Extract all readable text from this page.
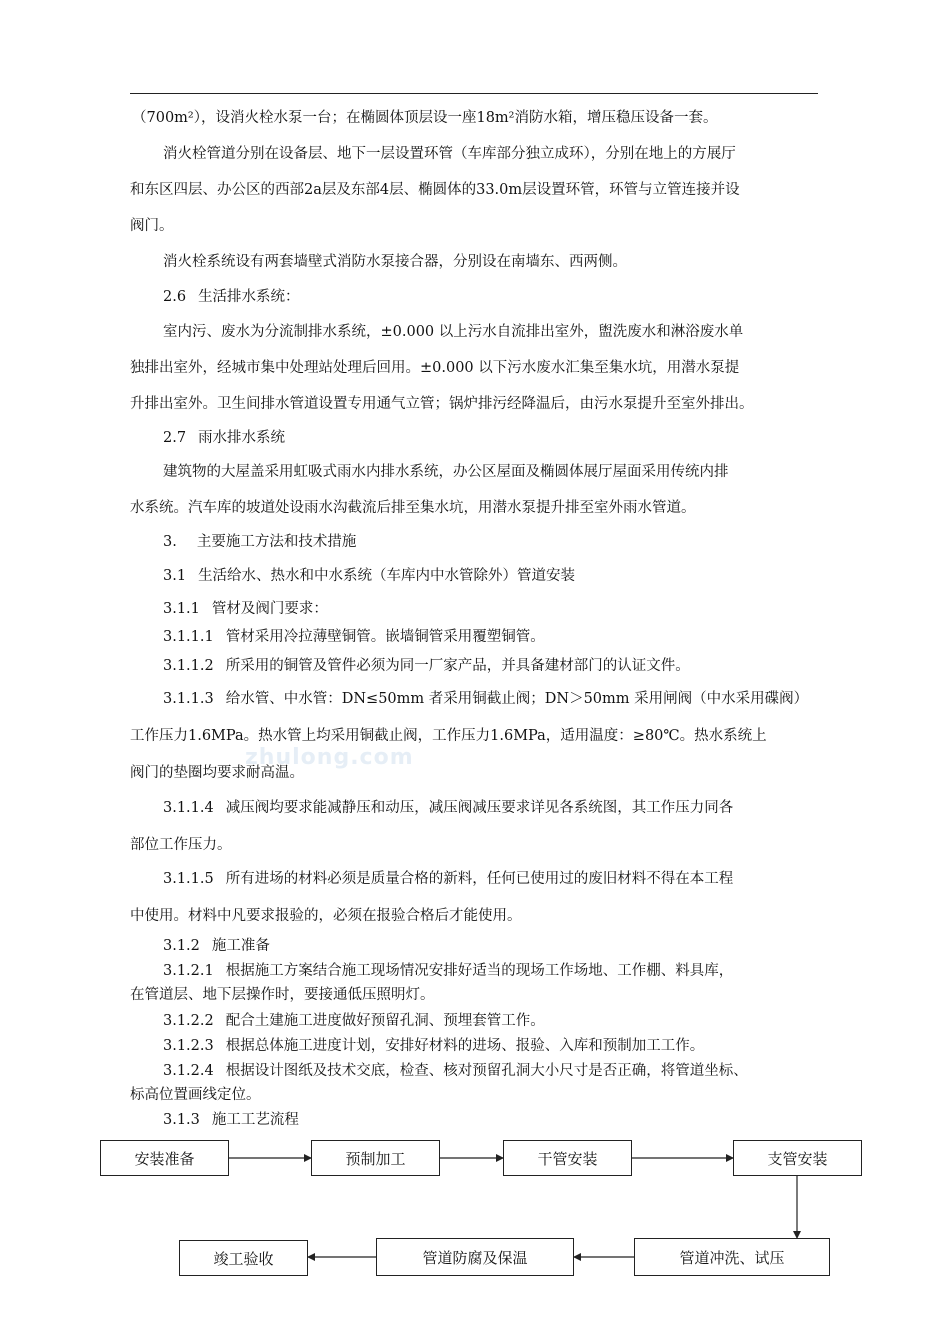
zhulong.com
（700m²），设消火栓水泵一台；在椭圆体顶层设一座18m²消防水箱，增压稳压设备一套。
消火栓管道分别在设备层、地下一层设置环管（车库部分独立成环），分别在地上的方展厅
和东区四层、办公区的西部2a层及东部4层、椭圆体的33.0m层设置环管，环管与立管连接并设
阀门。
消火栓系统设有两套墙壁式消防水泵接合器，分别设在南墙东、西两侧。
2.6 生活排水系统：
室内污、废水为分流制排水系统，±0.000 以上污水自流排出室外，盥洗废水和淋浴废水单
独排出室外，经城市集中处理站处理后回用。±0.000 以下污水废水汇集至集水坑，用潜水泵提
升排出室外。卫生间排水管道设置专用通气立管；锅炉排污经降温后，由污水泵提升至室外排出。
2.7 雨水排水系统
建筑物的大屋盖采用虹吸式雨水内排水系统，办公区屋面及椭圆体展厅屋面采用传统内排
水系统。汽车库的坡道处设雨水沟截流后排至集水坑，用潜水泵提升排至室外雨水管道。
3. 主要施工方法和技术措施
3.1 生活给水、热水和中水系统（车库内中水管除外）管道安装
3.1.1 管材及阀门要求：
3.1.1.1 管材采用冷拉薄壁铜管。嵌墙铜管采用覆塑铜管。
3.1.1.2 所采用的铜管及管件必须为同一厂家产品，并具备建材部门的认证文件。
3.1.1.3 给水管、中水管：DN≤50mm 者采用铜截止阀；DN＞50mm 采用闸阀（中水采用碟阀）
工作压力1.6MPa。热水管上均采用铜截止阀，工作压力1.6MPa，适用温度：≥80℃。热水系统上
阀门的垫圈均要求耐高温。
3.1.1.4 减压阀均要求能减静压和动压，减压阀减压要求详见各系统图，其工作压力同各
部位工作压力。
3.1.1.5 所有进场的材料必须是质量合格的新料，任何已使用过的废旧材料不得在本工程
中使用。材料中凡要求报验的，必须在报验合格后才能使用。
3.1.2 施工准备
3.1.2.1 根据施工方案结合施工现场情况安排好适当的现场工作场地、工作棚、料具库，
在管道层、地下层操作时，要接通低压照明灯。
3.1.2.2 配合土建施工进度做好预留孔洞、预埋套管工作。
3.1.2.3 根据总体施工进度计划，安排好材料的进场、报验、入库和预制加工工作。
3.1.2.4 根据设计图纸及技术交底，检查、核对预留孔洞大小尺寸是否正确，将管道坐标、
标高位置画线定位。
3.1.3 施工工艺流程
安装准备	预制加工	干管安装	支管安装
管道冲洗、试压
管道防腐及保温
竣工验收
